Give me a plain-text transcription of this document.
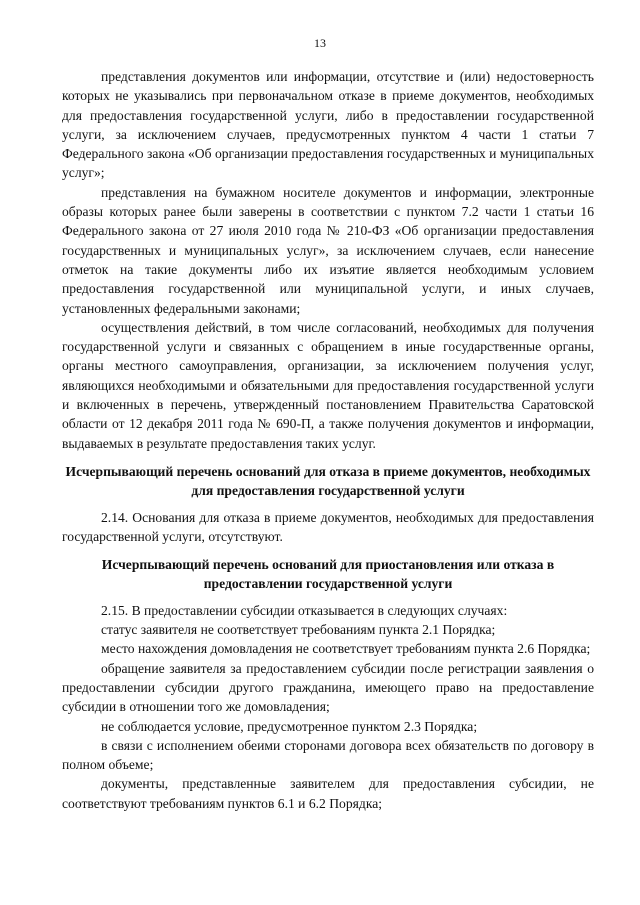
13

представления документов или информации, отсутствие и (или) недостоверность которых не указывались при первоначальном отказе в приеме документов, необходимых для предоставления государственной услуги, либо в предоставлении государственной услуги, за исключением случаев, предусмотренных пунктом 4 части 1 статьи 7 Федерального закона «Об организации предоставления государственных и муниципальных услуг»;

представления на бумажном носителе документов и информации, электронные образы которых ранее были заверены в соответствии с пунктом 7.2 части 1 статьи 16 Федерального закона от 27 июля 2010 года № 210-ФЗ «Об организации предоставления государственных и муниципальных услуг», за исключением случаев, если нанесение отметок на такие документы либо их изъятие является необходимым условием предоставления государственной или муниципальной услуги, и иных случаев, установленных федеральными законами;

осуществления действий, в том числе согласований, необходимых для получения государственной услуги и связанных с обращением в иные государственные органы, органы местного самоуправления, организации, за исключением получения услуг, являющихся необходимыми и обязательными для предоставления государственной услуги и включенных в перечень, утвержденный постановлением Правительства Саратовской области от 12 декабря 2011 года № 690-П, а также получения документов и информации, выдаваемых в результате предоставления таких услуг.

Исчерпывающий перечень оснований для отказа в приеме документов, необходимых для предоставления государственной услуги

2.14. Основания для отказа в приеме документов, необходимых для предоставления государственной услуги, отсутствуют.

Исчерпывающий перечень оснований для приостановления или отказа в предоставлении государственной услуги

2.15. В предоставлении субсидии отказывается в следующих случаях:

статус заявителя не соответствует требованиям пункта 2.1 Порядка;

место нахождения домовладения не соответствует требованиям пункта 2.6 Порядка;

обращение заявителя за предоставлением субсидии после регистрации заявления о предоставлении субсидии другого гражданина, имеющего право на предоставление субсидии в отношении того же домовладения;

не соблюдается условие, предусмотренное пунктом 2.3 Порядка;

в связи с исполнением обеими сторонами договора всех обязательств по договору в полном объеме;

документы, представленные заявителем для предоставления субсидии, не соответствуют требованиям пунктов 6.1 и 6.2 Порядка;
